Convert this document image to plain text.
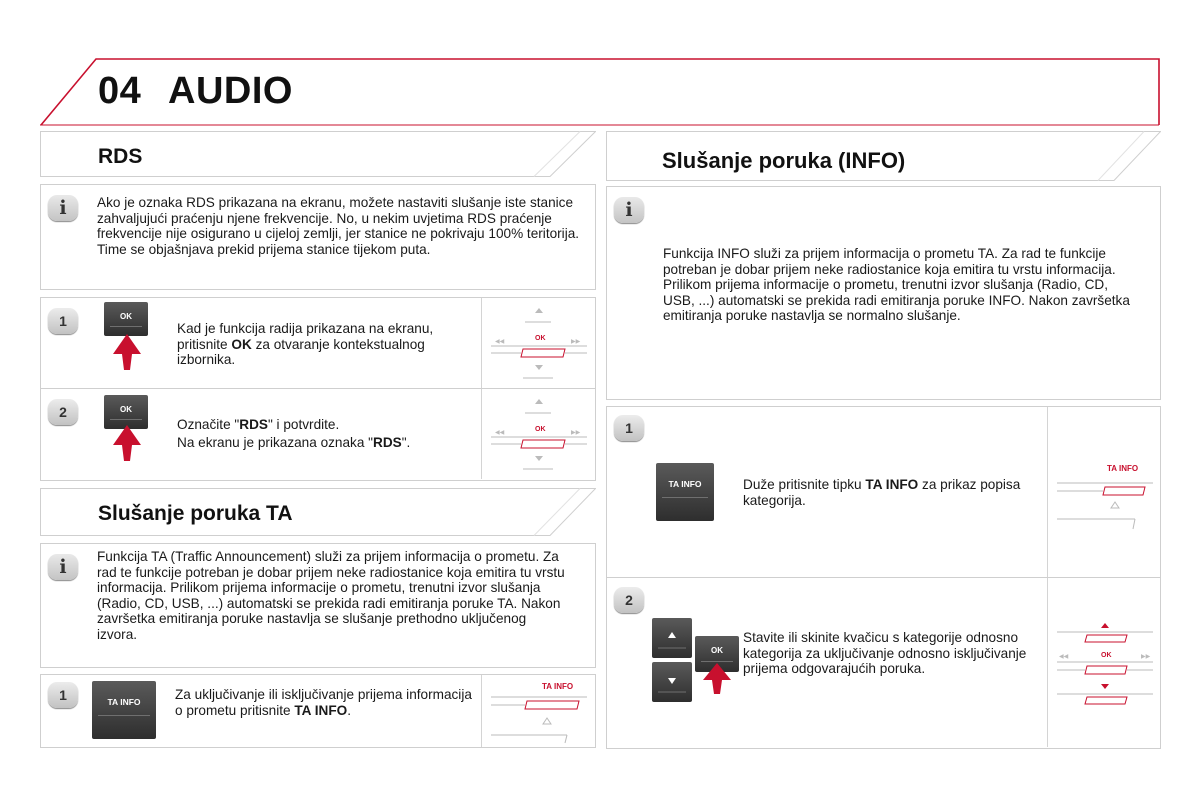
04 AUDIO
RDS
i	Ako je oznaka RDS prikazana na ekranu, možete nastaviti slušanje iste stanice zahvaljujući praćenju njene frekvencije. No, u nekim uvjetima RDS praćenje frekvencije nije osigurano u cijeloj zemlji, jer stanice ne pokrivaju 100% teritorija. Time se objašnjava prekid prijema stanice tijekom puta.
1	OK
Kad je funkcija radija prikazana na ekranu, pritisnite OK za otvaranje kontekstualnog izbornika.
◀◀	▶▶
OK
2	OK
Označite "RDS" i potvrdite.
Na ekranu je prikazana oznaka "RDS".
◀◀	▶▶
OK
Slušanje poruka TA
i	Funkcija TA (Traffic Announcement) služi za prijem informacija o prometu. Za rad te funkcije potreban je dobar prijem neke radiostanice koja emitira tu vrstu informacija. Prilikom prijema informacije o prometu, trenutni izvor slušanja (Radio, CD, USB, ...) automatski se prekida radi emitiranja poruke TA. Nakon završetka emitiranja poruke nastavlja se slušanje prethodno uključenog izvora.
1	TA INFO	Za uključivanje ili isključivanje prijema informacija o prometu pritisnite TA INFO.
TA INFO
Slušanje poruka (INFO)
i
Funkcija INFO služi za prijem informacija o prometu TA. Za rad te funkcije potreban je dobar prijem neke radiostanice koja emitira tu vrstu informacija. Prilikom prijema informacije o prometu, trenutni izvor slušanja (Radio, CD, USB, ...) automatski se prekida radi emitiranja poruke INFO. Nakon završetka emitiranja poruke nastavlja se normalno slušanje.
1
TA INFO	Duže pritisnite tipku TA INFO za prikaz popisa kategorija.
TA INFO
2
OK
Stavite ili skinite kvačicu s kategorije odnosno kategorija za uključivanje odnosno isključivanje prijema odgovarajućih poruka.
◀◀	▶▶
OK
